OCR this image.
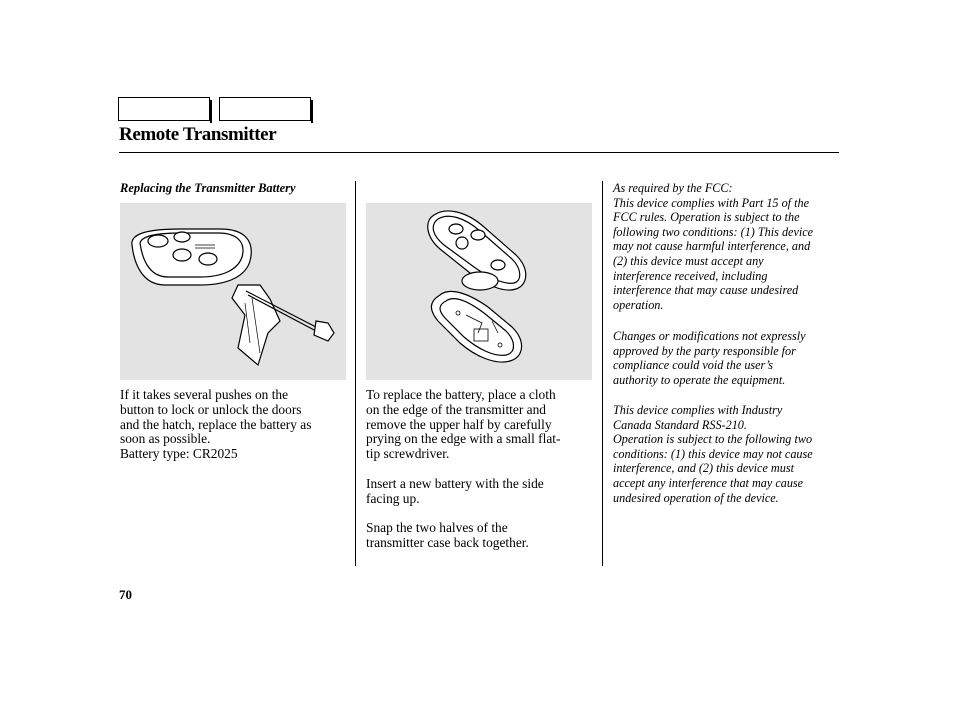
Remote Transmitter
Replacing the Transmitter Battery
If it takes several pushes on the
button to lock or unlock the doors
and the hatch, replace the battery as
soon as possible.
Battery type: CR2025
To replace the battery, place a cloth
on the edge of the transmitter and
remove the upper half by carefully
prying on the edge with a small flat-
tip screwdriver.
Insert a new battery with the side
facing up.
Snap the two halves of the
transmitter case back together.
As required by the FCC:
This device complies with Part 15 of the
FCC rules. Operation is subject to the
following two conditions: (1) This device
may not cause harmful interference, and
(2) this device must accept any
interference received, including
interference that may cause undesired
operation.
Changes or modifications not expressly
approved by the party responsible for
compliance could void the user’s
authority to operate the equipment.
This device complies with Industry
Canada Standard RSS-210.
Operation is subject to the following two
conditions: (1) this device may not cause
interference, and (2) this device must
accept any interference that may cause
undesired operation of the device.
70
